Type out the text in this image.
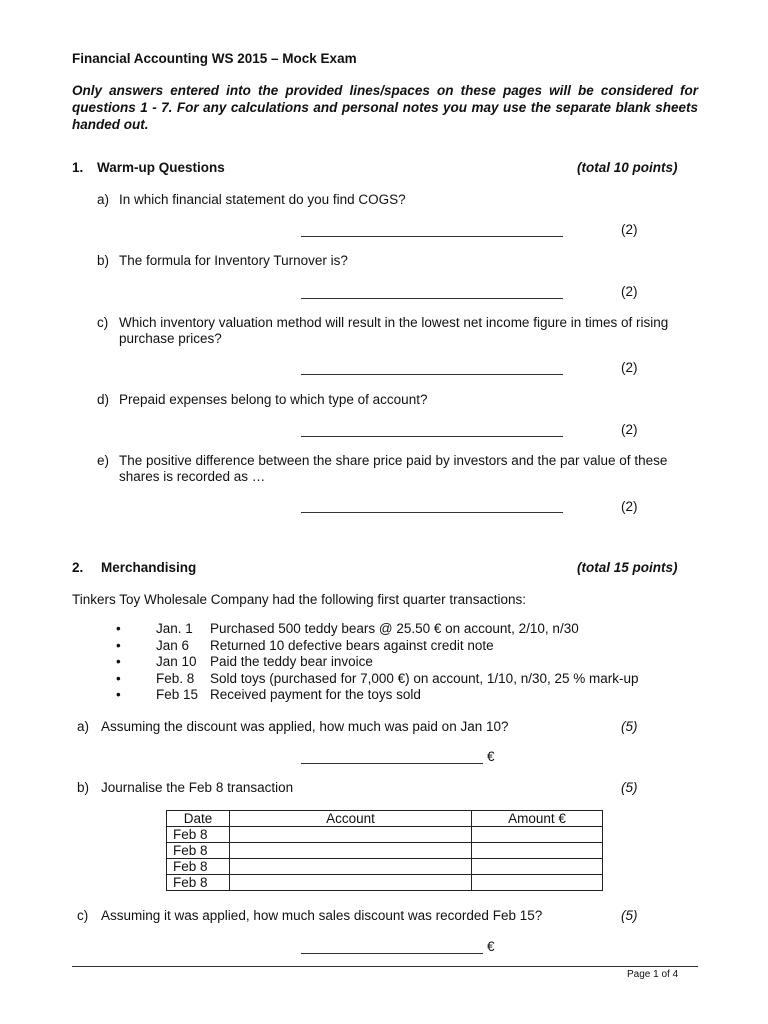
Financial Accounting WS 2015 – Mock Exam
Only answers entered into the provided lines/spaces on these pages will be considered for questions 1 - 7. For any calculations and personal notes you may use the separate blank sheets handed out.
1. Warm-up Questions	(total 10 points)
a) In which financial statement do you find COGS?
(2)
b) The formula for Inventory Turnover is?
(2)
c) Which inventory valuation method will result in the lowest net income figure in times of rising purchase prices?
(2)
d) Prepaid expenses belong to which type of account?
(2)
e) The positive difference between the share price paid by investors and the par value of these shares is recorded as …
(2)
2. Merchandising	(total 15 points)
Tinkers Toy Wholesale Company had the following first quarter transactions:
•	Jan. 1 Purchased 500 teddy bears @ 25.50 € on account, 2/10, n/30
•	Jan 6 Returned 10 defective bears against credit note
•	Jan 10 Paid the teddy bear invoice
•	Feb. 8 Sold toys (purchased for 7,000 €) on account, 1/10, n/30, 25 % mark-up
•	Feb 15 Received payment for the toys sold
a) Assuming the discount was applied, how much was paid on Jan 10?	(5)
€
b) Journalise the Feb 8 transaction	(5)
Date	Account	Amount €
Feb 8		
Feb 8		
Feb 8		
Feb 8		
c) Assuming it was applied, how much sales discount was recorded Feb 15?	(5)
€
Page 1 of 4
